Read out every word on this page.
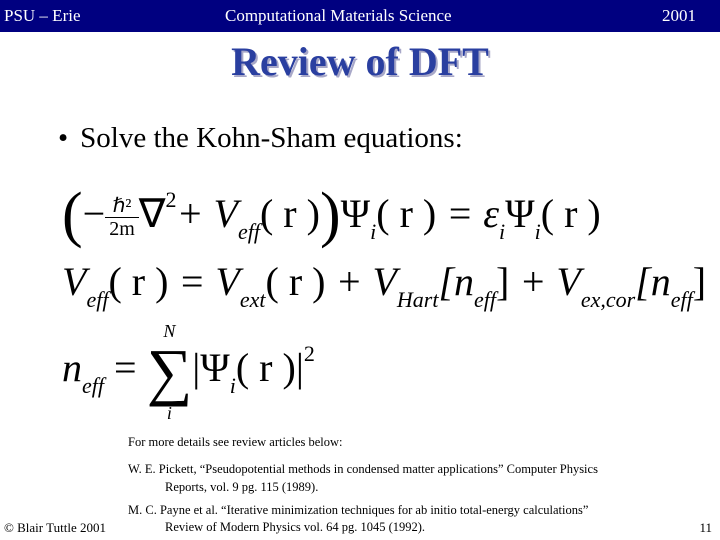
PSU – Erie	Computational Materials Science	2001
Review of DFT
• Solve the Kohn-Sham equations:
(− $\frac{\text{ℏ²}}{2m} \nabla^2+ V_{eff}$( r ))$\Psi_i$( r ) = $\varepsilon_i\Psi_i$( r )
$V_{eff}$( r ) = $V_{ext}$( r ) + $V_{Hart}[n_{eff}] + V_{ex,cor}[n_{eff}]$
$n_{eff}$ =
N
∑
i
$|\Psi_i$( r )$|^2$
For more details see review articles below:
W. E. Pickett, “Pseudopotential methods in condensed matter applications” Computer Physics
Reports, vol. 9 pg. 115 (1989).
M. C. Payne et al. “Iterative minimization techniques for ab initio total-energy calculations”
Review of Modern Physics vol. 64 pg. 1045 (1992).
© Blair Tuttle 2001	11
